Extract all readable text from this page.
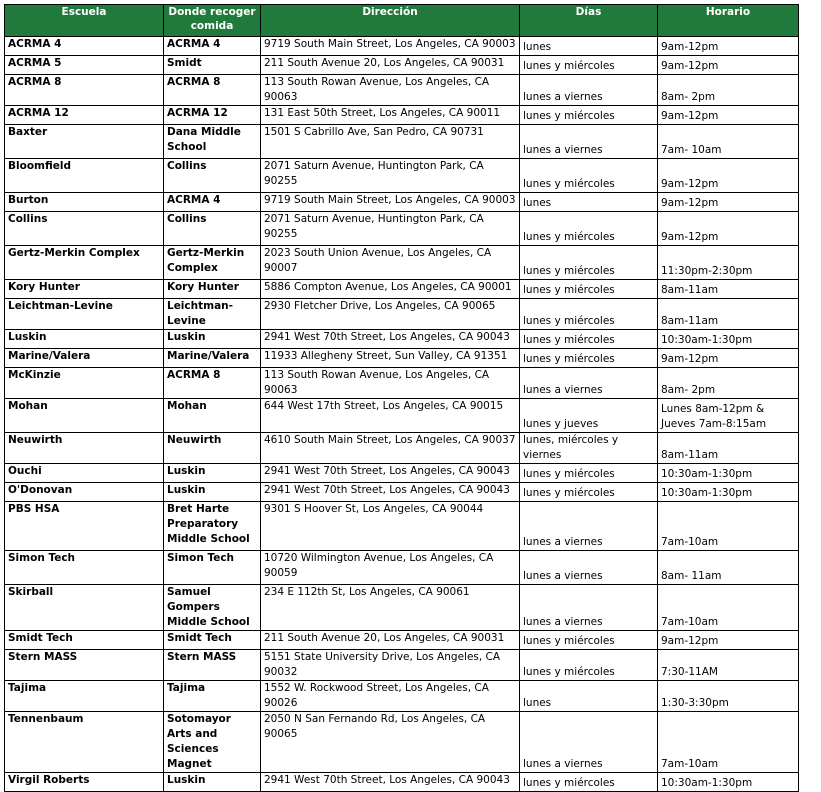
Escuela	Donde recoger comida	Dirección	Días	Horario
ACRMA 4	ACRMA 4	9719 South Main Street, Los Angeles, CA 90003	lunes	9am-12pm
ACRMA 5	Smidt	211 South Avenue 20, Los Angeles, CA 90031	lunes y miércoles	9am-12pm
ACRMA 8	ACRMA 8	113 South Rowan Avenue, Los Angeles, CA 90063	lunes a viernes	8am- 2pm
ACRMA 12	ACRMA 12	131 East 50th Street, Los Angeles, CA 90011	lunes y miércoles	9am-12pm
Baxter	Dana Middle School	1501 S Cabrillo Ave, San Pedro, CA 90731	lunes a viernes	7am- 10am
Bloomfield	Collins	2071 Saturn Avenue, Huntington Park, CA 90255	lunes y miércoles	9am-12pm
Burton	ACRMA 4	9719 South Main Street, Los Angeles, CA 90003	lunes	9am-12pm
Collins	Collins	2071 Saturn Avenue, Huntington Park, CA 90255	lunes y miércoles	9am-12pm
Gertz-Merkin Complex	Gertz-Merkin Complex	2023 South Union Avenue, Los Angeles, CA 90007	lunes y miércoles	11:30pm-2:30pm
Kory Hunter	Kory Hunter	5886 Compton Avenue, Los Angeles, CA 90001	lunes y miércoles	8am-11am
Leichtman-Levine	Leichtman-Levine	2930 Fletcher Drive, Los Angeles, CA 90065	lunes y miércoles	8am-11am
Luskin	Luskin	2941 West 70th Street, Los Angeles, CA 90043	lunes y miércoles	10:30am-1:30pm
Marine/Valera	Marine/Valera	11933 Allegheny Street, Sun Valley, CA 91351	lunes y miércoles	9am-12pm
McKinzie	ACRMA 8	113 South Rowan Avenue, Los Angeles, CA 90063	lunes a viernes	8am- 2pm
Mohan	Mohan	644 West 17th Street, Los Angeles, CA 90015	lunes y jueves	Lunes 8am-12pm & Jueves 7am-8:15am
Neuwirth	Neuwirth	4610 South Main Street, Los Angeles, CA 90037	lunes, miércoles y viernes	8am-11am
Ouchi	Luskin	2941 West 70th Street, Los Angeles, CA 90043	lunes y miércoles	10:30am-1:30pm
O'Donovan	Luskin	2941 West 70th Street, Los Angeles, CA 90043	lunes y miércoles	10:30am-1:30pm
PBS HSA	Bret Harte Preparatory Middle School	9301 S Hoover St, Los Angeles, CA 90044	lunes a viernes	7am-10am
Simon Tech	Simon Tech	10720 Wilmington Avenue, Los Angeles, CA 90059	lunes a viernes	8am- 11am
Skirball	Samuel Gompers Middle School	234 E 112th St, Los Angeles, CA 90061	lunes a viernes	7am-10am
Smidt Tech	Smidt Tech	211 South Avenue 20, Los Angeles, CA 90031	lunes y miércoles	9am-12pm
Stern MASS	Stern MASS	5151 State University Drive, Los Angeles, CA 90032	lunes y miércoles	7:30-11AM
Tajima	Tajima	1552 W. Rockwood Street, Los Angeles, CA 90026	lunes	1:30-3:30pm
Tennenbaum	Sotomayor Arts and Sciences Magnet	2050 N San Fernando Rd, Los Angeles, CA 90065	lunes a viernes	7am-10am
Virgil Roberts	Luskin	2941 West 70th Street, Los Angeles, CA 90043	lunes y miércoles	10:30am-1:30pm
